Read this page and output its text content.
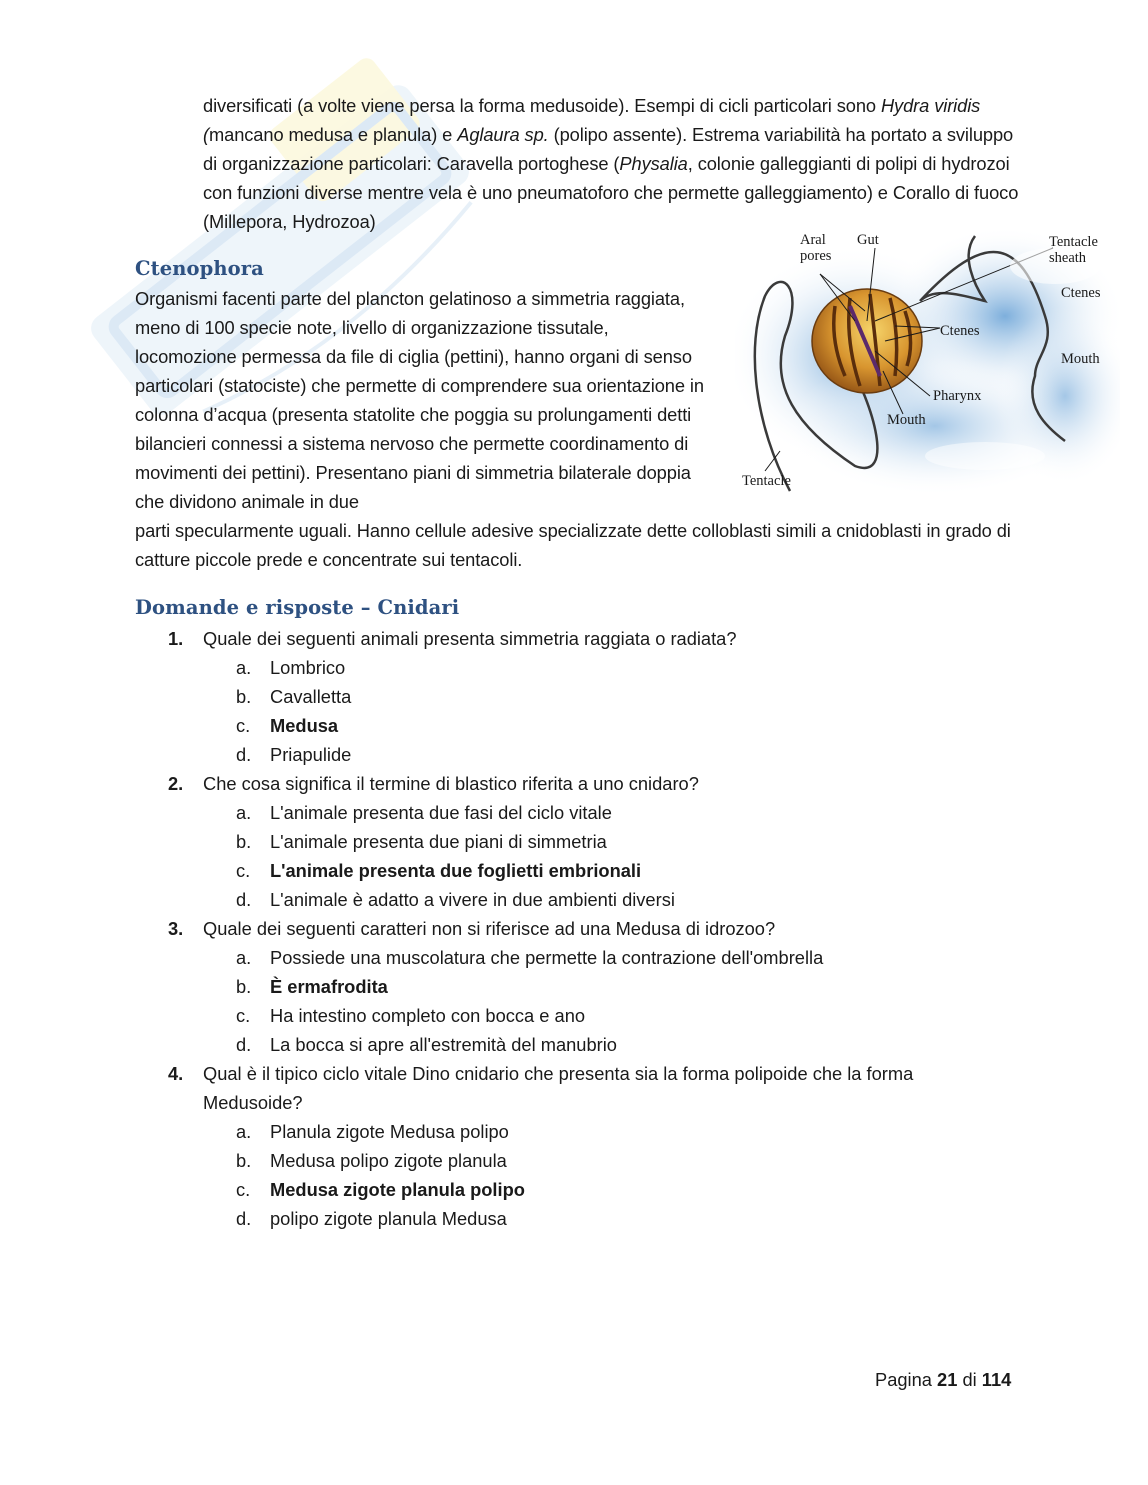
diversificati (a volte viene persa la forma medusoide). Esempi di cicli particolari sono Hydra viridis (mancano medusa e planula) e Aglaura sp. (polipo assente). Estrema variabilità ha portato a sviluppo di organizzazione particolari: Caravella portoghese (Physalia, colonie galleggianti di polipi di hydrozoi con funzioni diverse mentre vela è uno pneumatoforo che permette galleggiamento) e Corallo di fuoco (Millepora, Hydrozoa)
Ctenophora
Organismi facenti parte del plancton gelatinoso a simmetria raggiata, meno di 100 specie note, livello di organizzazione tissutale, locomozione permessa da file di ciglia (pettini), hanno organi di senso particolari (statociste) che permette di comprendere sua orientazione in colonna d’acqua (presenta statolite che poggia su prolungamenti detti bilancieri connessi a sistema nervoso che permette coordinamento di movimenti dei pettini). Presentano piani di simmetria bilaterale doppia che dividono animale in due
parti specularmente uguali. Hanno cellule adesive specializzate dette colloblasti simili a cnidoblasti in grado di catture piccole prede e concentrate sui tentacoli.
Aral pores
Gut	Tentacle sheath
Ctenes
Ctenes
Mouth
Pharynx
Mouth
Tentacle
Domande e risposte – Cnidari
1. Quale dei seguenti animali presenta simmetria raggiata o radiata?
a. Lombrico
b. Cavalletta
c. Medusa
d. Priapulide
2. Che cosa significa il termine di blastico riferita a uno cnidaro?
a. L'animale presenta due fasi del ciclo vitale
b. L'animale presenta due piani di simmetria
c. L'animale presenta due foglietti embrionali
d. L'animale è adatto a vivere in due ambienti diversi
3. Quale dei seguenti caratteri non si riferisce ad una Medusa di idrozoo?
a. Possiede una muscolatura che permette la contrazione dell'ombrella
b. È ermafrodita
c. Ha intestino completo con bocca e ano
d. La bocca si apre all'estremità del manubrio
4. Qual è il tipico ciclo vitale Dino cnidario che presenta sia la forma polipoide che la forma Medusoide?
a. Planula zigote Medusa polipo
b. Medusa polipo zigote planula
c. Medusa zigote planula polipo
d. polipo zigote planula Medusa
Pagina 21 di 114
